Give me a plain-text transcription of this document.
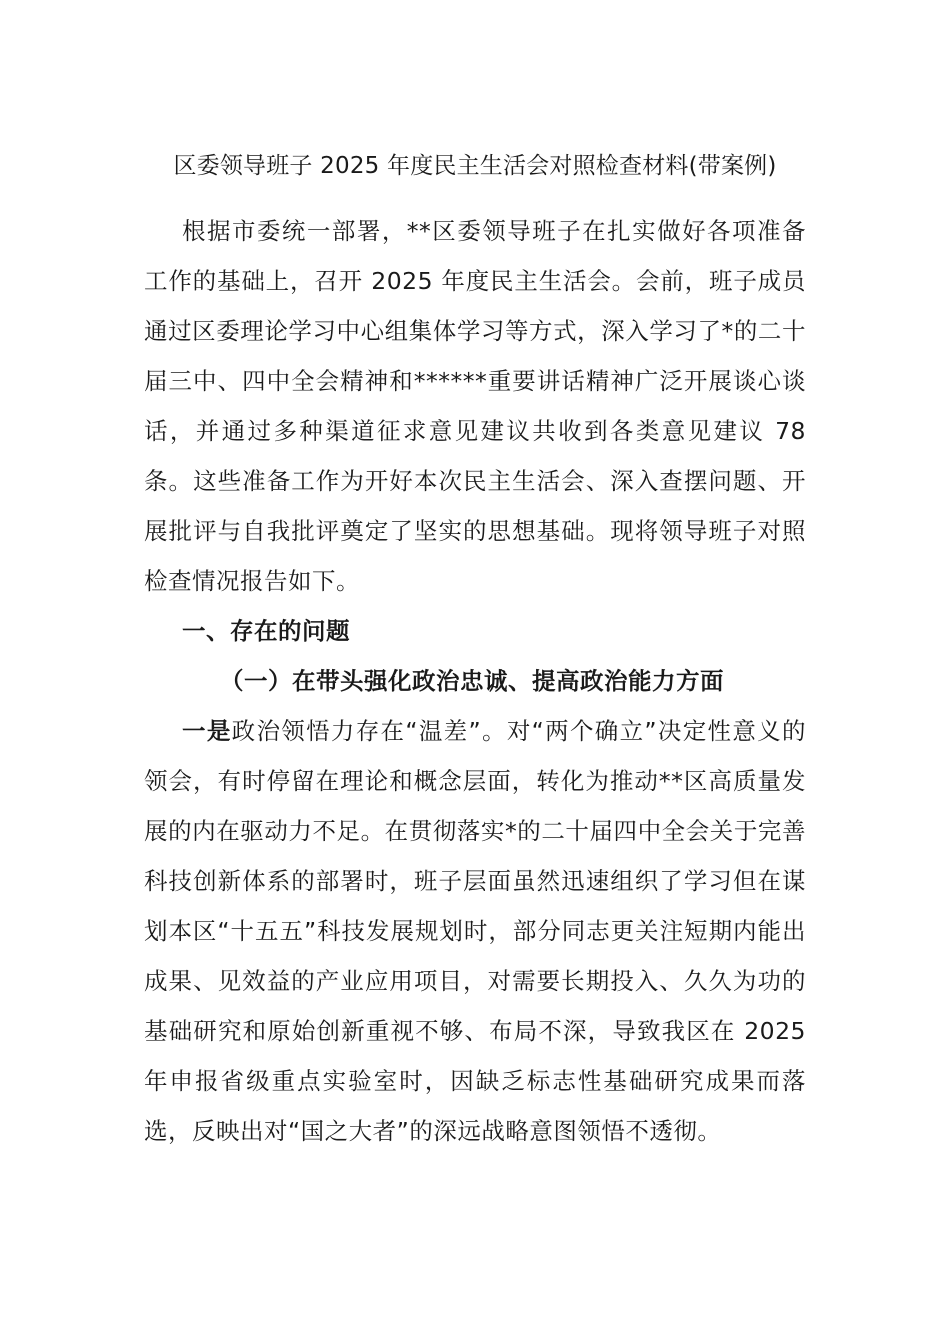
区委领导班子 2025 年度民主生活会对照检查材料(带案例)

根据市委统一部署，**区委领导班子在扎实做好各项准备工作的基础上，召开 2025 年度民主生活会。会前，班子成员通过区委理论学习中心组集体学习等方式，深入学习了*的二十届三中、四中全会精神和******重要讲话精神广泛开展谈心谈话，并通过多种渠道征求意见建议共收到各类意见建议 78 条。这些准备工作为开好本次民主生活会、深入查摆问题、开展批评与自我批评奠定了坚实的思想基础。现将领导班子对照检查情况报告如下。

一、存在的问题

（一）在带头强化政治忠诚、提高政治能力方面

一是政治领悟力存在“温差”。对“两个确立”决定性意义的领会，有时停留在理论和概念层面，转化为推动**区高质量发展的内在驱动力不足。在贯彻落实*的二十届四中全会关于完善科技创新体系的部署时，班子层面虽然迅速组织了学习但在谋划本区“十五五”科技发展规划时，部分同志更关注短期内能出成果、见效益的产业应用项目，对需要长期投入、久久为功的基础研究和原始创新重视不够、布局不深，导致我区在 2025 年申报省级重点实验室时，因缺乏标志性基础研究成果而落选，反映出对“国之大者”的深远战略意图领悟不透彻。
